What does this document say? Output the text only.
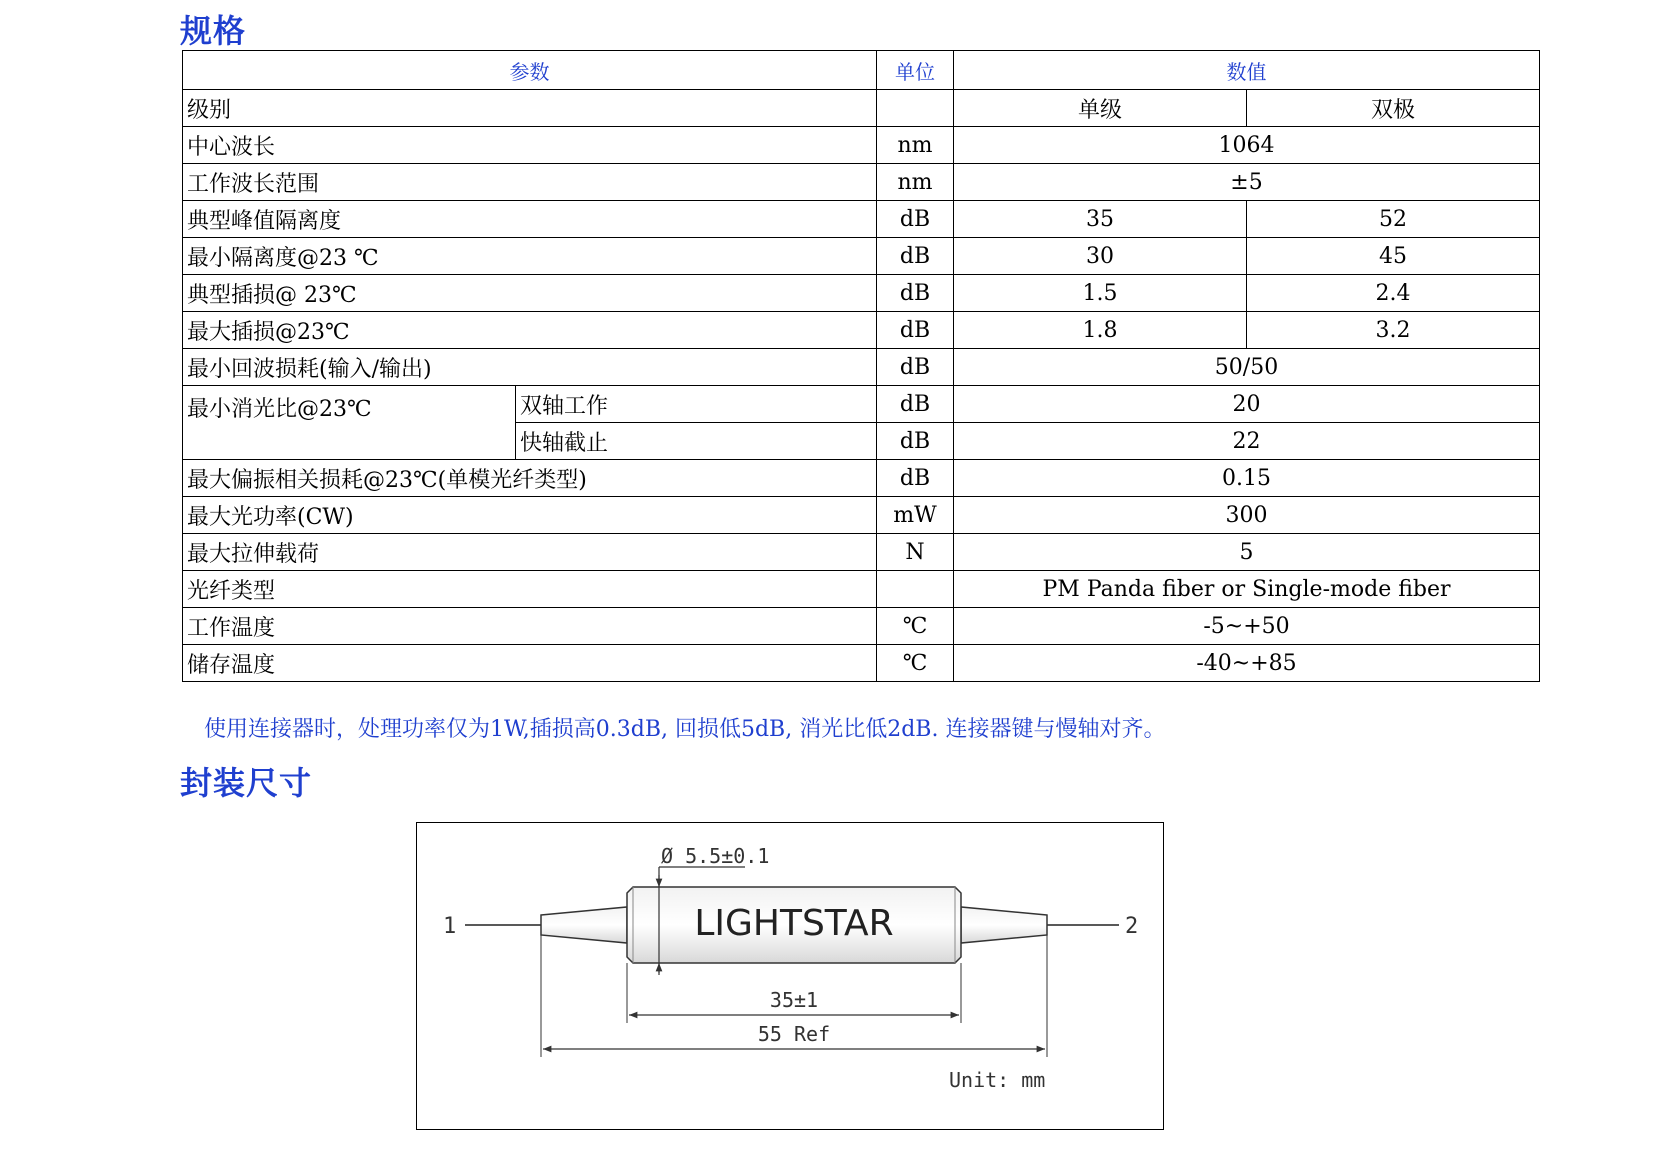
规格
参数		单位	数值	
级别			单级	双极
中心波长		nm	1064	
工作波长范围		nm	±5	
典型峰值隔离度		dB	35	52
最小隔离度@23 ℃		dB	30	45
典型插损@ 23℃		dB	1.5	2.4
最大插损@23℃		dB	1.8	3.2
最小回波损耗(输入/输出)		dB	50/50	
最小消光比@23℃	双轴工作	dB	20	
	快轴截止	dB	22	
最大偏振相关损耗@23℃(单模光纤类型)		dB	0.15	
最大光功率(CW)		mW	300	
最大拉伸载荷		N	5	
光纤类型			PM Panda fiber or Single-mode fiber	
工作温度		℃	-5~+50	
储存温度		℃	-40~+85	
使用连接器时，处理功率仅为1W,插损高0.3dB, 回损低5dB, 消光比低2dB. 连接器键与慢轴对齐。
封装尺寸
1	2
LIGHTSTAR
Ø 5.5±0.1
35±1
55 Ref
Unit: mm
